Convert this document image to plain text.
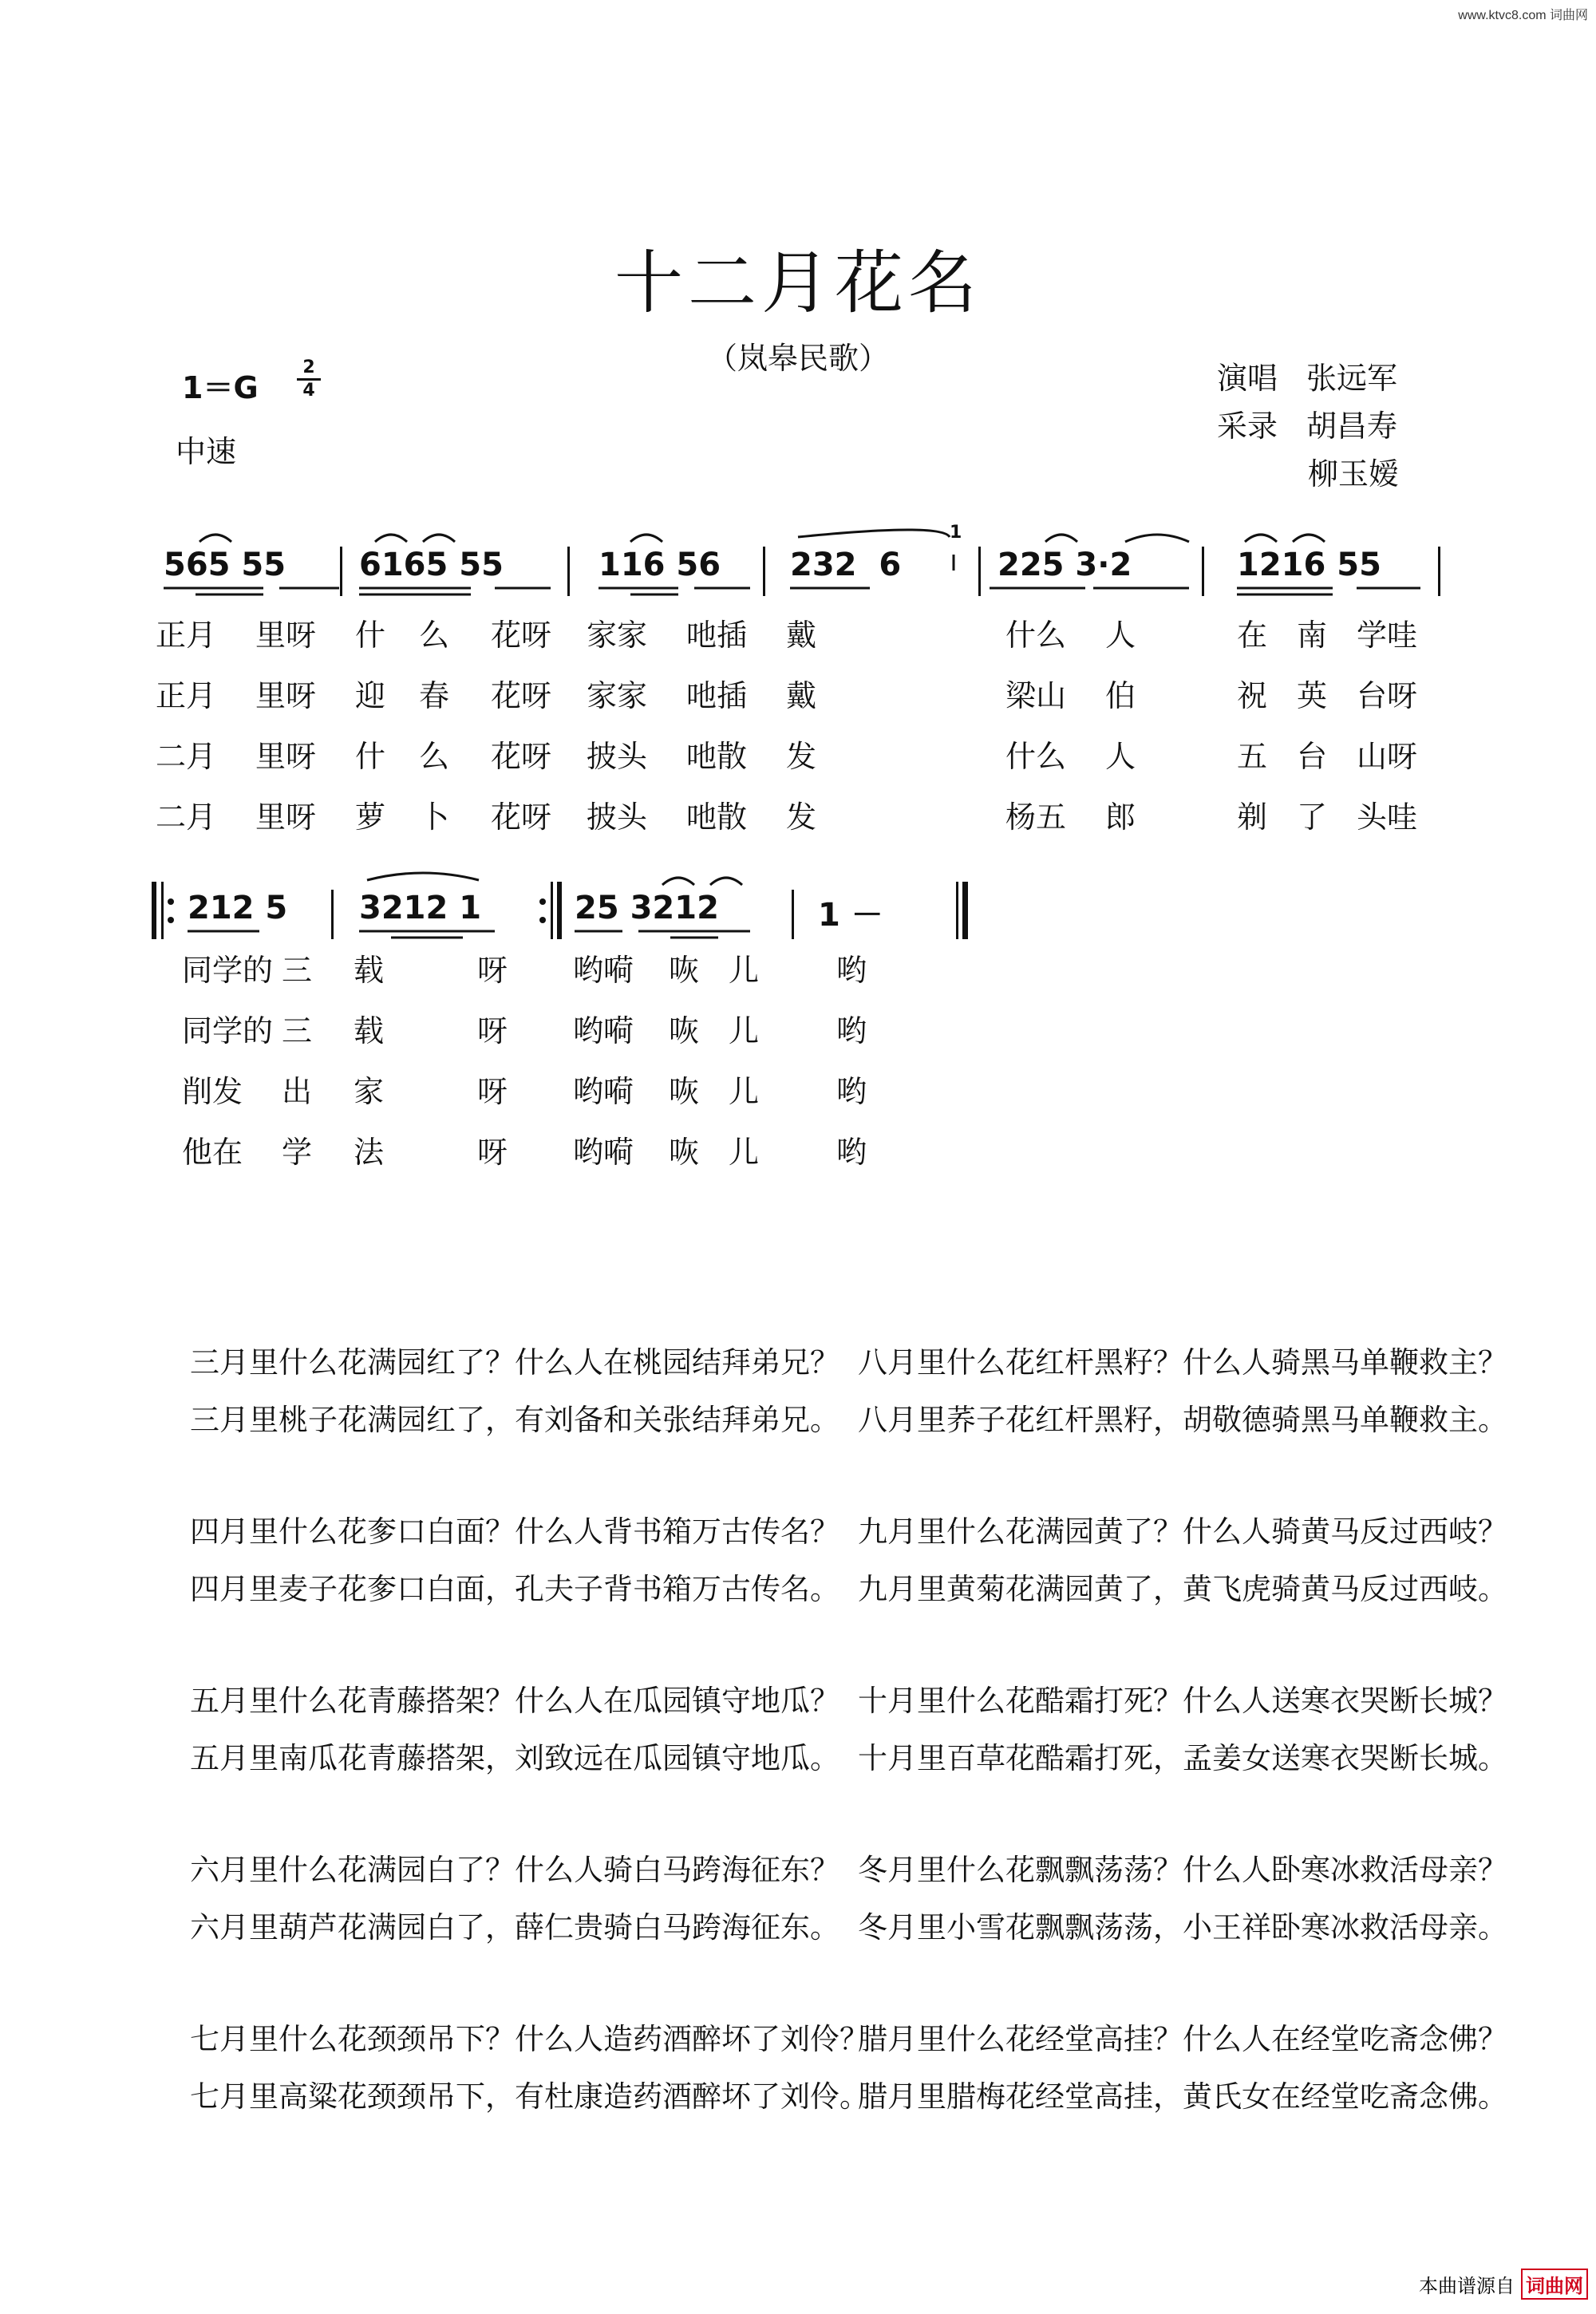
www.ktvc8.com 词曲网
十二月花名
（岚皋民歌）
1＝G
2
4
中速
演唱 张远军
采录 胡昌寿
柳玉嫒
565 55 6165 55	116 56 232  6
1
225 3·2	1216 55
正月 里呀 什 么 花呀 家家 吔插 戴	什么 人	在 南 学哇
正月 里呀 迎 春 花呀 家家 吔插 戴	梁山 伯	祝 英 台呀
二月 里呀 什 么 花呀 披头 吔散 发	什么 人	五 台 山呀
二月 里呀 萝 卜 花呀 披头 吔散 发	杨五 郎	剃 了 头哇
212 5 3212 1	25 3212	1 －
同学的 三 载	呀 哟嗬 咴 儿	哟
同学的 三 载	呀 哟嗬 咴 儿	哟
削发 出 家	呀 哟嗬 咴 儿	哟
他在 学 法	呀 哟嗬 咴 儿	哟
三月里什么花满园红了？什么人在桃园结拜弟兄？
三月里桃子花满园红了，有刘备和关张结拜弟兄。
四月里什么花奓口白面？什么人背书箱万古传名？
四月里麦子花奓口白面，孔夫子背书箱万古传名。
五月里什么花青藤搭架？什么人在瓜园镇守地瓜？
五月里南瓜花青藤搭架，刘致远在瓜园镇守地瓜。
六月里什么花满园白了？什么人骑白马跨海征东？
六月里葫芦花满园白了，薛仁贵骑白马跨海征东。
七月里什么花颈颈吊下？什么人造药酒醉坏了刘伶？
七月里高粱花颈颈吊下，有杜康造药酒醉坏了刘伶。
八月里什么花红杆黑籽？什么人骑黑马单鞭救主？
八月里荞子花红杆黑籽，胡敬德骑黑马单鞭救主。
九月里什么花满园黄了？什么人骑黄马反过西岐？
九月里黄菊花满园黄了，黄飞虎骑黄马反过西岐。
十月里什么花酷霜打死？什么人送寒衣哭断长城？
十月里百草花酷霜打死，孟姜女送寒衣哭断长城。
冬月里什么花飘飘荡荡？什么人卧寒冰救活母亲？
冬月里小雪花飘飘荡荡，小王祥卧寒冰救活母亲。
腊月里什么花经堂高挂？什么人在经堂吃斋念佛？
腊月里腊梅花经堂高挂，黄氏女在经堂吃斋念佛。
本曲谱源自 词曲网
